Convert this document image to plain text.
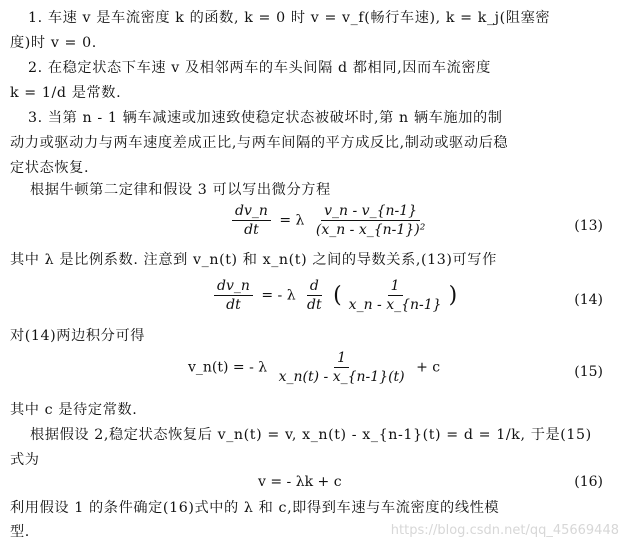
1. 车速 v 是车流密度 k 的函数, k = 0 时 v = v_f(畅行车速), k = k_j(阻塞密
度)时 v = 0.
2. 在稳定状态下车速 v 及相邻两车的车头间隔 d 都相同,因而车流密度
k = 1/d 是常数.
3. 当第 n - 1 辆车减速或加速致使稳定状态被破坏时,第 n 辆车施加的制
动力或驱动力与两车速度差成正比,与两车间隔的平方成反比,制动或驱动后稳
定状态恢复.
根据牛顿第二定律和假设 3 可以写出微分方程
$\frac{dv\_n}{dt} = \lambda \frac{v\_n - v\_\{n-1\}}{\text{(x\_n - x\_\{n-1\})²}}$	(13)
其中 λ 是比例系数. 注意到 v_n(t) 和 x_n(t) 之间的导数关系,(13)可写作
$\frac{dv\_n}{dt}$ = - λ $\frac{d}{dt}$ ( $\frac{1}{x\_n - x\_\{n-1\}}$ )	(14)
对(14)两边积分可得
v_n(t) = - λ $\frac{1}{x\_n(t) - x\_\{n-1\}(t)} + c$	(15)
其中 c 是待定常数.
根据假设 2,稳定状态恢复后 v_n(t) = v, x_n(t) - x_{n-1}(t) = d = 1/k, 于是(15)
式为
v = - λk + c	(16)
利用假设 1 的条件确定(16)式中的 λ 和 c,即得到车速与车流密度的线性模
型.	https://blog.csdn.net/qq_45669448
